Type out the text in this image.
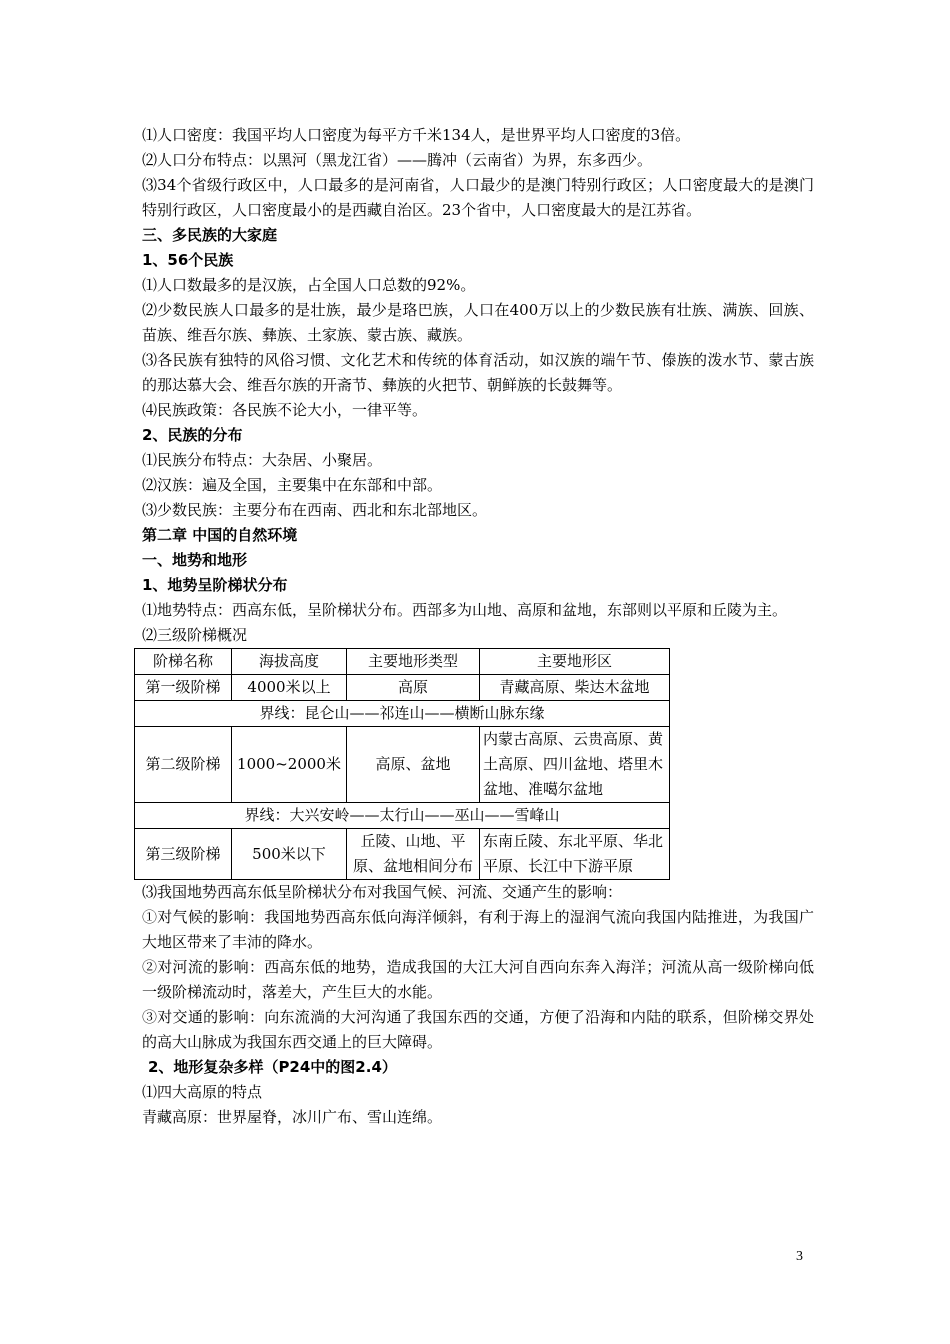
⑴人口密度：我国平均人口密度为每平方千米134人，是世界平均人口密度的3倍。

⑵人口分布特点：以黑河（黑龙江省）——腾冲（云南省）为界，东多西少。

⑶34个省级行政区中，人口最多的是河南省，人口最少的是澳门特别行政区；人口密度最大的是澳门特别行政区，人口密度最小的是西藏自治区。23个省中，人口密度最大的是江苏省。

三、多民族的大家庭

1、56个民族

⑴人口数最多的是汉族，占全国人口总数的92%。

⑵少数民族人口最多的是壮族，最少是珞巴族，人口在400万以上的少数民族有壮族、满族、回族、苗族、维吾尔族、彝族、土家族、蒙古族、藏族。

⑶各民族有独特的风俗习惯、文化艺术和传统的体育活动，如汉族的端午节、傣族的泼水节、蒙古族的那达慕大会、维吾尔族的开斋节、彝族的火把节、朝鲜族的长鼓舞等。

⑷民族政策：各民族不论大小，一律平等。

2、民族的分布

⑴民族分布特点：大杂居、小聚居。

⑵汉族：遍及全国，主要集中在东部和中部。

⑶少数民族：主要分布在西南、西北和东北部地区。

第二章 中国的自然环境

一、地势和地形

1、地势呈阶梯状分布

⑴地势特点：西高东低，呈阶梯状分布。西部多为山地、高原和盆地，东部则以平原和丘陵为主。

⑵三级阶梯概况

阶梯名称	海拔高度	主要地形类型	主要地形区
第一级阶梯	4000米以上	高原	青藏高原、柴达木盆地
界线：昆仑山——祁连山——横断山脉东缘			
第二级阶梯	1000~2000米	高原、盆地	内蒙古高原、云贵高原、黄土高原、四川盆地、塔里木盆地、准噶尔盆地
界线：大兴安岭——太行山——巫山——雪峰山			
第三级阶梯	500米以下	丘陵、山地、平原、盆地相间分布	东南丘陵、东北平原、华北平原、长江中下游平原

⑶我国地势西高东低呈阶梯状分布对我国气候、河流、交通产生的影响：

①对气候的影响：我国地势西高东低向海洋倾斜，有利于海上的湿润气流向我国内陆推进，为我国广大地区带来了丰沛的降水。

②对河流的影响：西高东低的地势，造成我国的大江大河自西向东奔入海洋；河流从高一级阶梯向低一级阶梯流动时，落差大，产生巨大的水能。

③对交通的影响：向东流淌的大河沟通了我国东西的交通，方便了沿海和内陆的联系，但阶梯交界处的高大山脉成为我国东西交通上的巨大障碍。

2、地形复杂多样（P24中的图2.4）

⑴四大高原的特点

青藏高原：世界屋脊，冰川广布、雪山连绵。

3
